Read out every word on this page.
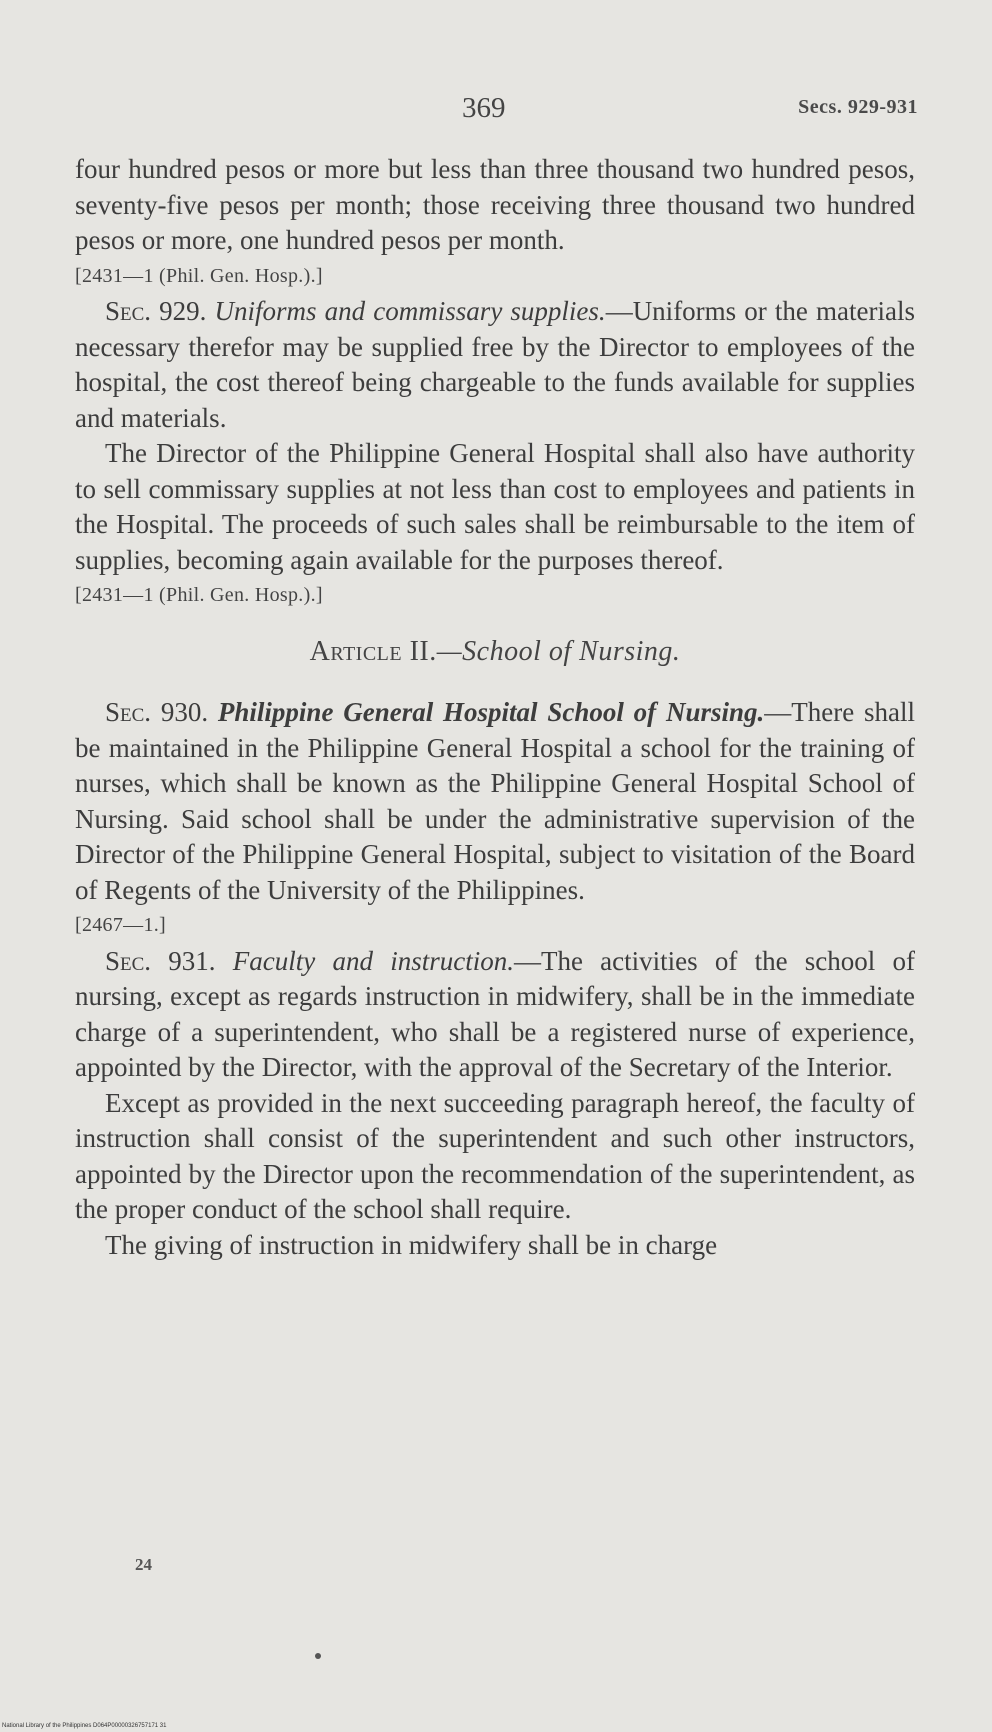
369	Secs. 929-931

four hundred pesos or more but less than three thousand two hundred pesos, seventy-five pesos per month; those receiving three thousand two hundred pesos or more, one hundred pesos per month.

[2431—1 (Phil. Gen. Hosp.).]

Sec. 929. Uniforms and commissary supplies.—Uniforms or the materials necessary therefor may be supplied free by the Director to employees of the hospital, the cost thereof being chargeable to the funds available for supplies and materials.

The Director of the Philippine General Hospital shall also have authority to sell commissary supplies at not less than cost to employees and patients in the Hospital. The proceeds of such sales shall be reimbursable to the item of supplies, becoming again available for the purposes thereof.

[2431—1 (Phil. Gen. Hosp.).]

Article II.—School of Nursing.

Sec. 930. Philippine General Hospital School of Nursing.—There shall be maintained in the Philippine General Hospital a school for the training of nurses, which shall be known as the Philippine General Hospital School of Nursing. Said school shall be under the administrative supervision of the Director of the Philippine General Hospital, subject to visitation of the Board of Regents of the University of the Philippines.

[2467—1.]

Sec. 931. Faculty and instruction.—The activities of the school of nursing, except as regards instruction in midwifery, shall be in the immediate charge of a superintendent, who shall be a registered nurse of experience, appointed by the Director, with the approval of the Secretary of the Interior.

Except as provided in the next succeeding paragraph hereof, the faculty of instruction shall consist of the superintendent and such other instructors, appointed by the Director upon the recommendation of the superintendent, as the proper conduct of the school shall require.

The giving of instruction in midwifery shall be in charge

24
National Library of the Philippines D064P00000326757171 31
